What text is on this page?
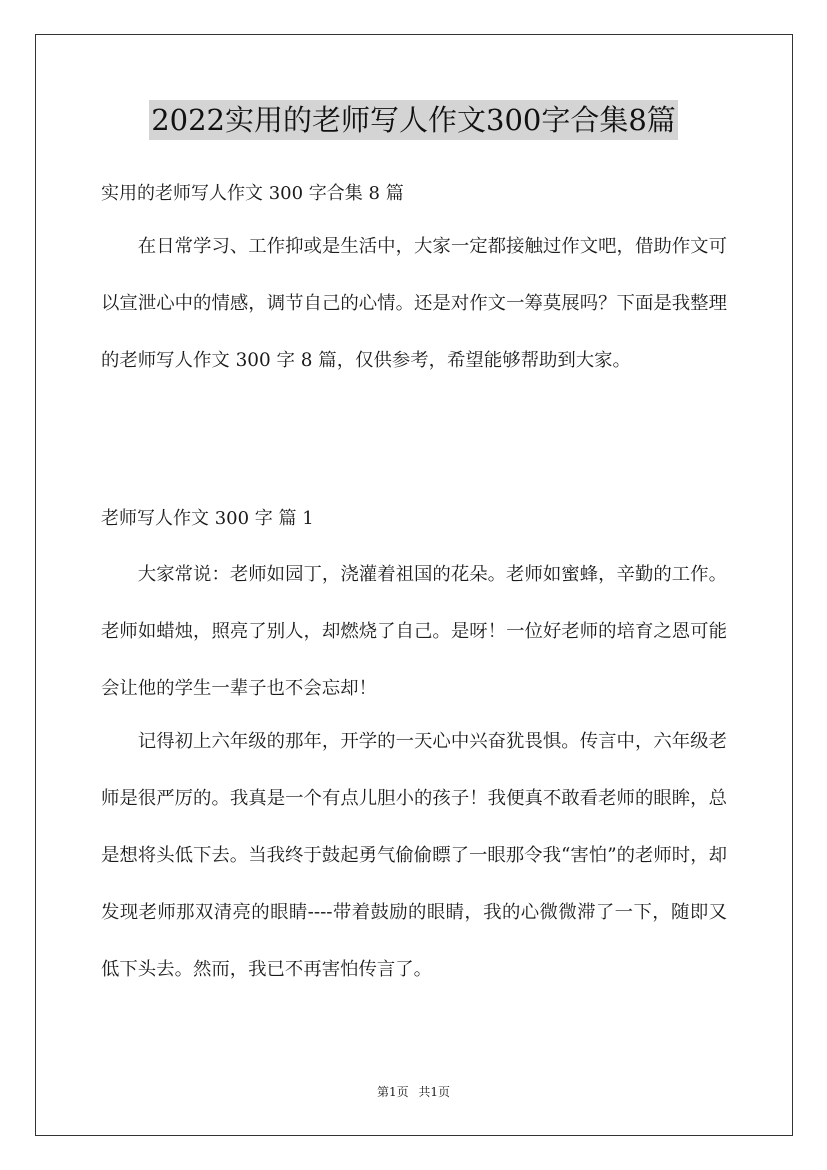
2022实用的老师写人作文300字合集8篇
实用的老师写人作文 300 字合集 8 篇

在日常学习、工作抑或是生活中，大家一定都接触过作文吧，借助作文可以宣泄心中的情感，调节自己的心情。还是对作文一筹莫展吗？下面是我整理的老师写人作文 300 字 8 篇，仅供参考，希望能够帮助到大家。

老师写人作文 300 字 篇 1

大家常说：老师如园丁，浇灌着祖国的花朵。老师如蜜蜂，辛勤的工作。老师如蜡烛，照亮了别人，却燃烧了自己。是呀！一位好老师的培育之恩可能会让他的学生一辈子也不会忘却！

记得初上六年级的那年，开学的一天心中兴奋犹畏惧。传言中，六年级老师是很严厉的。我真是一个有点儿胆小的孩子！我便真不敢看老师的眼眸，总是想将头低下去。当我终于鼓起勇气偷偷瞟了一眼那令我“害怕”的老师时，却发现老师那双清亮的眼睛----带着鼓励的眼睛，我的心微微滞了一下，随即又低下头去。然而，我已不再害怕传言了。

第1页 共1页
